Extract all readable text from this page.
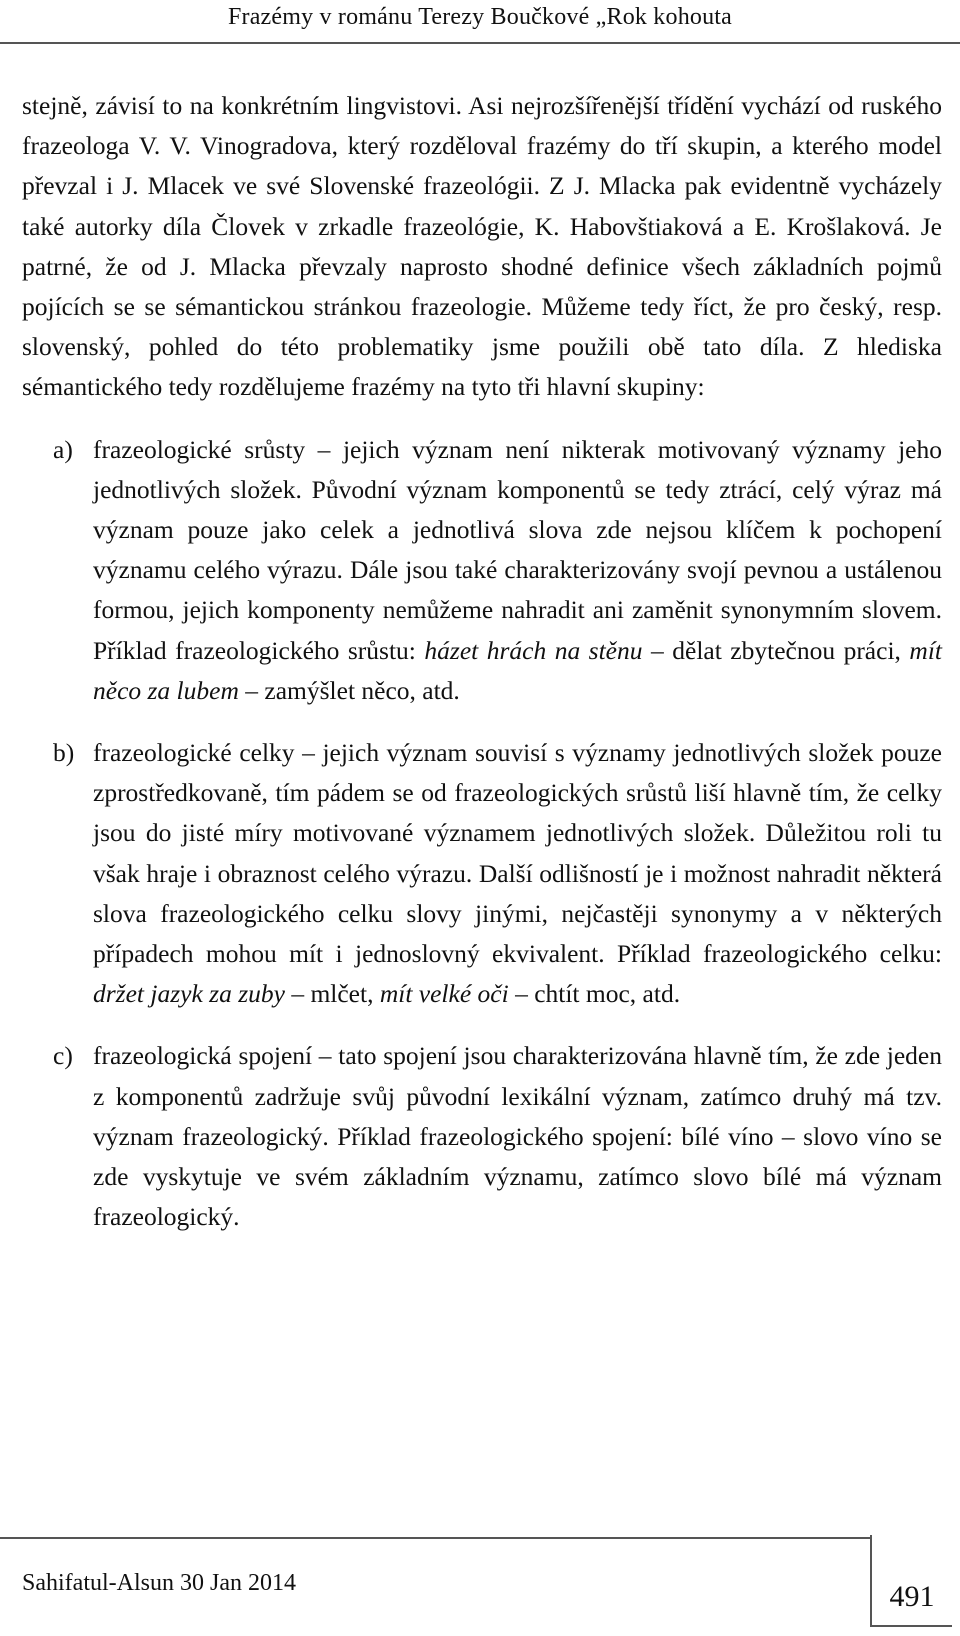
Frazémy v románu Terezy Boučkové „Rok kohouta

stejně, závisí to na konkrétním lingvistovi. Asi nejrozšířenější třídění vychází od ruského frazeologa V. V. Vinogradova, který rozděloval frazémy do tří skupin, a kterého model převzal i J. Mlacek ve své Slovenské frazeológii. Z J. Mlacka pak evidentně vycházely také autorky díla Človek v zrkadle frazeológie, K. Habovštiaková a E. Krošlaková. Je patrné, že od J. Mlacka převzaly naprosto shodné definice všech základních pojmů pojících se se sémantickou stránkou frazeologie. Můžeme tedy říct, že pro český, resp. slovenský, pohled do této problematiky jsme použili obě tato díla. Z hlediska sémantického tedy rozdělujeme frazémy na tyto tři hlavní skupiny:

a) frazeologické srůsty – jejich význam není nikterak motivovaný významy jeho jednotlivých složek. Původní význam komponentů se tedy ztrácí, celý výraz má význam pouze jako celek a jednotlivá slova zde nejsou klíčem k pochopení významu celého výrazu. Dále jsou také charakterizovány svojí pevnou a ustálenou formou, jejich komponenty nemůžeme nahradit ani zaměnit synonymním slovem. Příklad frazeologického srůstu: házet hrách na stěnu – dělat zbytečnou práci, mít něco za lubem – zamýšlet něco, atd.
b) frazeologické celky – jejich význam souvisí s významy jednotlivých složek pouze zprostředkovaně, tím pádem se od frazeologických srůstů liší hlavně tím, že celky jsou do jisté míry motivované významem jednotlivých složek. Důležitou roli tu však hraje i obraznost celého výrazu. Další odlišností je i možnost nahradit některá slova frazeologického celku slovy jinými, nejčastěji synonymy a v některých případech mohou mít i jednoslovný ekvivalent. Příklad frazeologického celku: držet jazyk za zuby – mlčet, mít velké oči – chtít moc, atd.
c) frazeologická spojení – tato spojení jsou charakterizována hlavně tím, že zde jeden z komponentů zadržuje svůj původní lexikální význam, zatímco druhý má tzv. význam frazeologický. Příklad frazeologického spojení: bílé víno – slovo víno se zde vyskytuje ve svém základním významu, zatímco slovo bílé má význam frazeologický.
Sahifatul-Alsun 30 Jan 2014	491
